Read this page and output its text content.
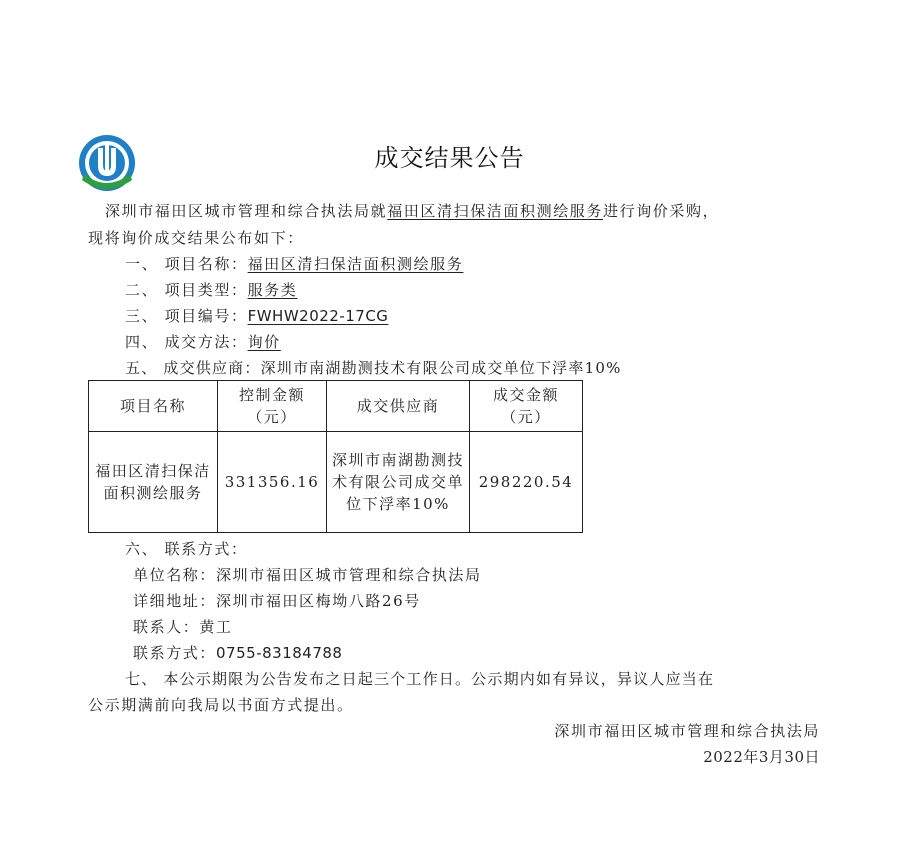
成交结果公告
深圳市福田区城市管理和综合执法局就福田区清扫保洁面积测绘服务进行询价采购，
现将询价成交结果公布如下：
一、 项目名称：福田区清扫保洁面积测绘服务
二、 项目类型：服务类
三、 项目编号：FWHW2022-17CG
四、 成交方法：询价
五、 成交供应商：深圳市南湖勘测技术有限公司成交单位下浮率10%
项目名称	控制金额（元）	成交供应商	成交金额（元）
福田区清扫保洁面积测绘服务	331356.16	深圳市南湖勘测技术有限公司成交单位下浮率10%	298220.54
六、 联系方式：
单位名称：深圳市福田区城市管理和综合执法局
详细地址：深圳市福田区梅坳八路26号
联系人：黄工
联系方式：0755-83184788
七、 本公示期限为公告发布之日起三个工作日。公示期内如有异议，异议人应当在
公示期满前向我局以书面方式提出。
深圳市福田区城市管理和综合执法局
2022年3月30日
